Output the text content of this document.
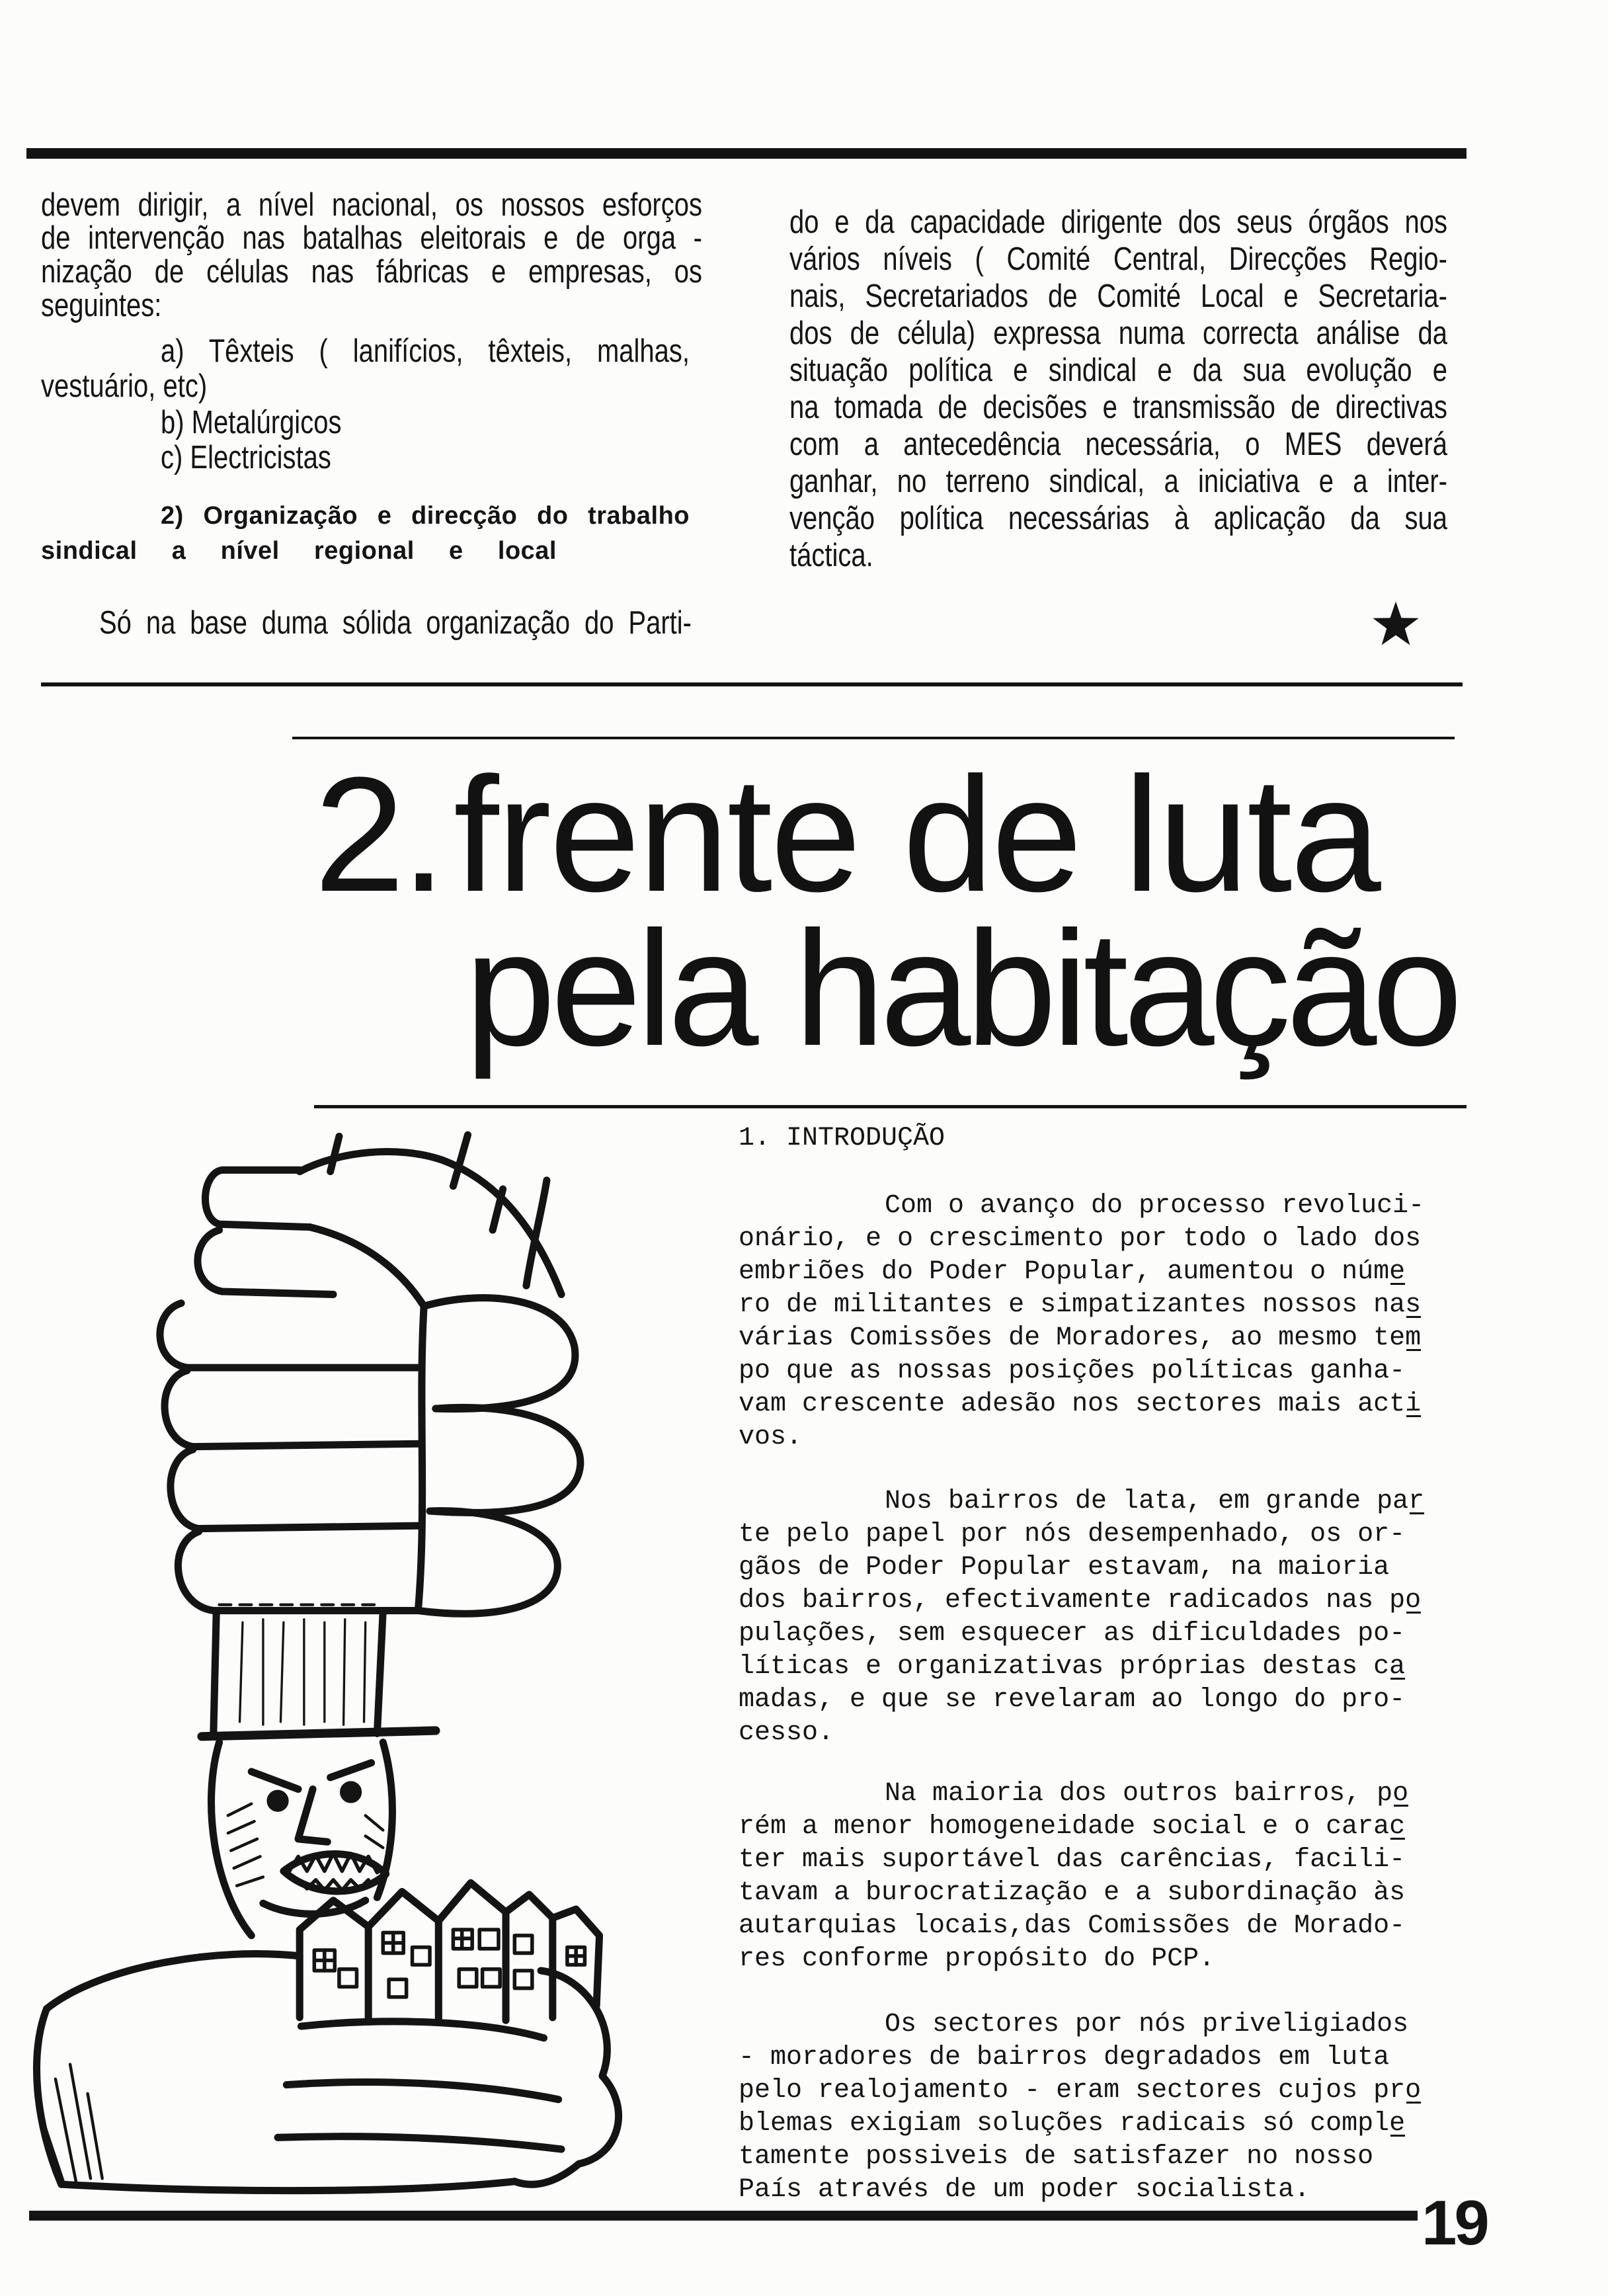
devem dirigir, a nível nacional, os nossos esforços
de intervenção nas batalhas eleitorais e de orga -
nização de células nas fábricas e empresas, os
seguintes:
a) Têxteis ( lanifícios, têxteis, malhas,
vestuário, etc)
b) Metalúrgicos
c) Electricistas
2) Organização e direcção do trabalho
sindical a nível regional e local
Só na base duma sólida organização do Parti-
do e da capacidade dirigente dos seus órgãos nos
vários níveis ( Comité Central, Direcções Regio-
nais, Secretariados de Comité Local e Secretaria-
dos de célula) expressa numa correcta análise da
situação política e sindical e da sua evolução e
na tomada de decisões e transmissão de directivas
com a antecedência necessária, o MES deverá
ganhar, no terreno sindical, a iniciativa e a inter-
venção política necessárias à aplicação da sua
táctica.
2. frente de luta
pela habitação
1. INTRODUÇÃO
Com o avanço do processo revoluci-
onário, e o crescimento por todo o lado dos
embriões do Poder Popular, aumentou o núme
ro de militantes e simpatizantes nossos nas
várias Comissões de Moradores, ao mesmo tem
po que as nossas posições políticas ganha-
vam crescente adesão nos sectores mais acti
vos.
Nos bairros de lata, em grande par
te pelo papel por nós desempenhado, os or-
gãos de Poder Popular estavam, na maioria
dos bairros, efectivamente radicados nas po
pulações, sem esquecer as dificuldades po-
líticas e organizativas próprias destas ca
madas, e que se revelaram ao longo do pro-
cesso.
Na maioria dos outros bairros, po
rém a menor homogeneidade social e o carac
ter mais suportável das carências, facili-
tavam a burocratização e a subordinação às
autarquias locais,das Comissões de Morado-
res conforme propósito do PCP.
Os sectores por nós priveligiados
- moradores de bairros degradados em luta
pelo realojamento - eram sectores cujos pro
blemas exigiam soluções radicais só comple
tamente possiveis de satisfazer no nosso
País através de um poder socialista.	19
